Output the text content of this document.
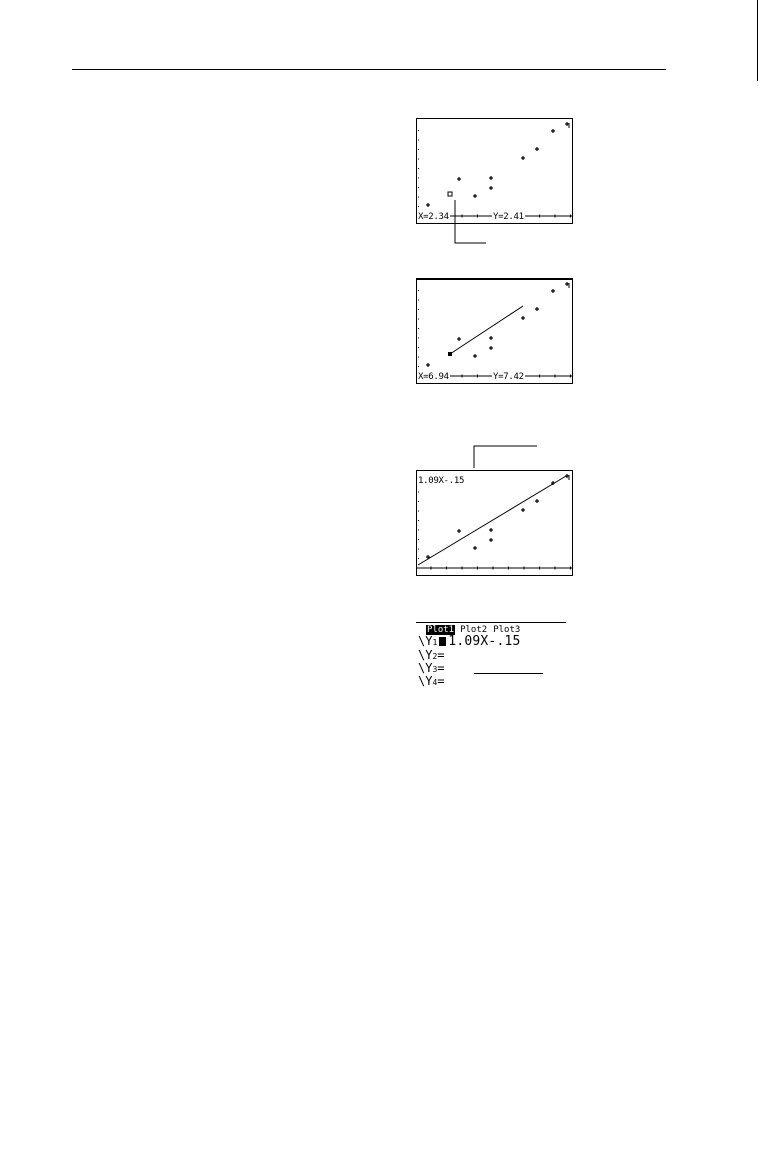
X=2.34	Y=2.41
X=6.94	Y=7.42
1.09X-.15
Plot1 Plot2 Plot3
\Y1 1.09X-.15
\Y2=
\Y3=
\Y4=
